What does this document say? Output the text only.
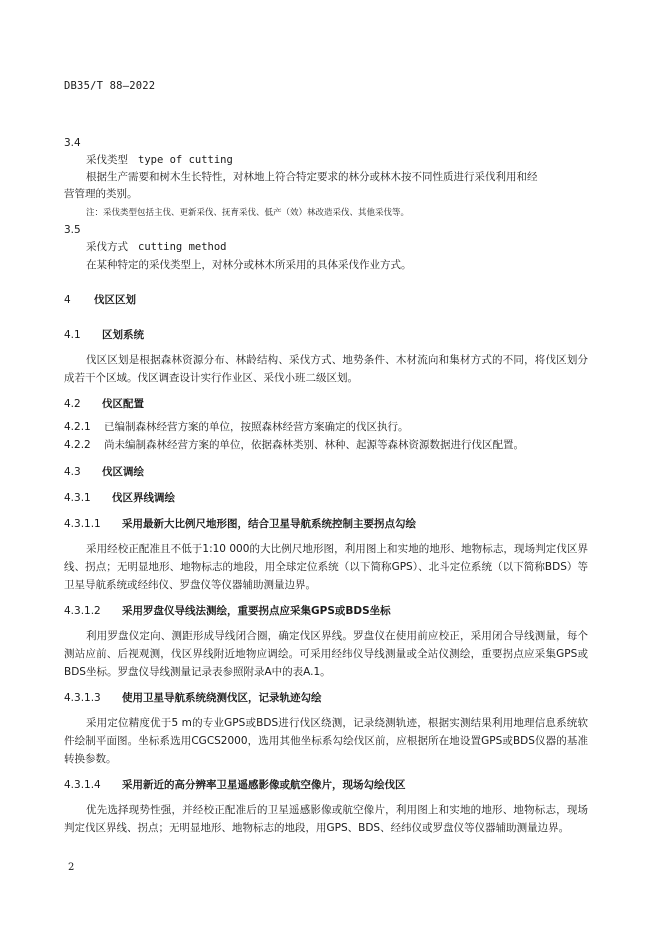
DB35/T 88—2022
3.4
采伐类型 type of cutting
根据生产需要和树木生长特性，对林地上符合特定要求的林分或林木按不同性质进行采伐利用和经
营管理的类别。
注：采伐类型包括主伐、更新采伐、抚育采伐、低产（效）林改造采伐、其他采伐等。
3.5
采伐方式 cutting method
在某种特定的采伐类型上，对林分或林木所采用的具体采伐作业方式。
4 伐区区划
4.1 区划系统
伐区区划是根据森林资源分布、林龄结构、采伐方式、地势条件、木材流向和集材方式的不同，将伐区划分成若干个区域。伐区调查设计实行作业区、采伐小班二级区划。
4.2 伐区配置
4.2.1 已编制森林经营方案的单位，按照森林经营方案确定的伐区执行。
4.2.2 尚未编制森林经营方案的单位，依据森林类别、林种、起源等森林资源数据进行伐区配置。
4.3 伐区调绘
4.3.1 伐区界线调绘
4.3.1.1 采用最新大比例尺地形图，结合卫星导航系统控制主要拐点勾绘
采用经校正配准且不低于1:10 000的大比例尺地形图，利用图上和实地的地形、地物标志，现场判定伐区界线、拐点；无明显地形、地物标志的地段，用全球定位系统（以下简称GPS）、北斗定位系统（以下简称BDS）等卫星导航系统或经纬仪、罗盘仪等仪器辅助测量边界。
4.3.1.2 采用罗盘仪导线法测绘，重要拐点应采集GPS或BDS坐标
利用罗盘仪定向、测距形成导线闭合圈，确定伐区界线。罗盘仪在使用前应校正，采用闭合导线测量，每个测站应前、后视观测，伐区界线附近地物应调绘。可采用经纬仪导线测量或全站仪测绘，重要拐点应采集GPS或BDS坐标。罗盘仪导线测量记录表参照附录A中的表A.1。
4.3.1.3 使用卫星导航系统绕测伐区，记录轨迹勾绘
采用定位精度优于5 m的专业GPS或BDS进行伐区绕测，记录绕测轨迹，根据实测结果利用地理信息系统软件绘制平面图。坐标系选用CGCS2000，选用其他坐标系勾绘伐区前，应根据所在地设置GPS或BDS仪器的基准转换参数。
4.3.1.4 采用新近的高分辨率卫星遥感影像或航空像片，现场勾绘伐区
优先选择现势性强，并经校正配准后的卫星遥感影像或航空像片，利用图上和实地的地形、地物标志，现场判定伐区界线、拐点；无明显地形、地物标志的地段，用GPS、BDS、经纬仪或罗盘仪等仪器辅助测量边界。
2
